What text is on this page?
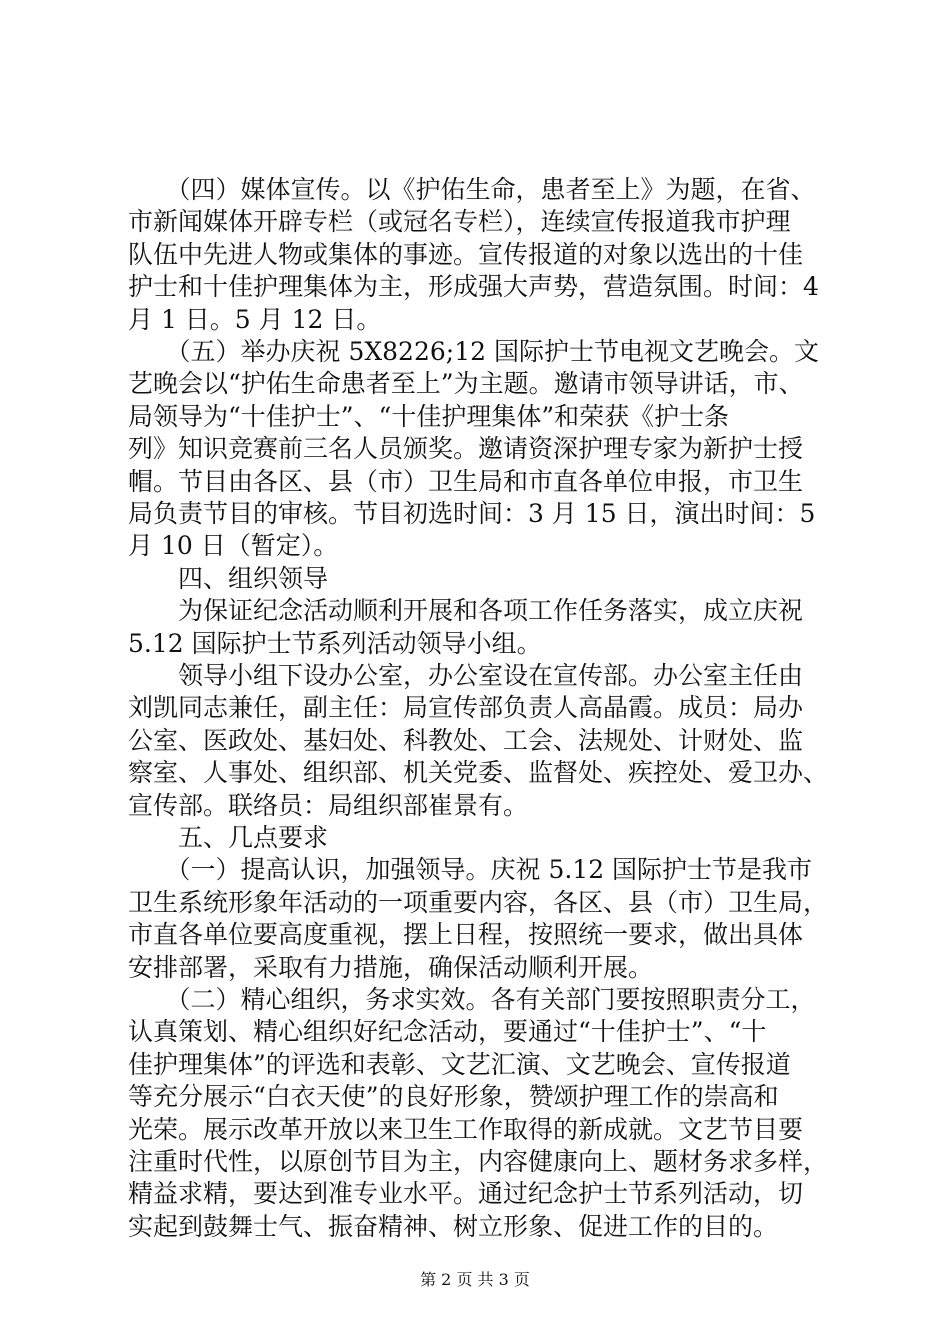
　　（四）媒体宣传。以《护佑生命，患者至上》为题，在省、
市新闻媒体开辟专栏（或冠名专栏），连续宣传报道我市护理
队伍中先进人物或集体的事迹。宣传报道的对象以选出的十佳
护士和十佳护理集体为主，形成强大声势，营造氛围。时间：4
月 1 日。5 月 12 日。
　　（五）举办庆祝 5X8226;12 国际护士节电视文艺晚会。文
艺晚会以“护佑生命患者至上”为主题。邀请市领导讲话，市、
局领导为“十佳护士”、“十佳护理集体”和荣获《护士条
列》知识竞赛前三名人员颁奖。邀请资深护理专家为新护士授
帽。节目由各区、县（市）卫生局和市直各单位申报，市卫生
局负责节目的审核。节目初选时间：3 月 15 日，演出时间：5
月 10 日（暂定）。
　　四、组织领导
　　为保证纪念活动顺利开展和各项工作任务落实，成立庆祝
5.12 国际护士节系列活动领导小组。
　　领导小组下设办公室，办公室设在宣传部。办公室主任由
刘凯同志兼任，副主任：局宣传部负责人高晶霞。成员：局办
公室、医政处、基妇处、科教处、工会、法规处、计财处、监
察室、人事处、组织部、机关党委、监督处、疾控处、爱卫办、
宣传部。联络员：局组织部崔景有。
　　五、几点要求
　　（一）提高认识，加强领导。庆祝 5.12 国际护士节是我市
卫生系统形象年活动的一项重要内容，各区、县（市）卫生局，
市直各单位要高度重视，摆上日程，按照统一要求，做出具体
安排部署，采取有力措施，确保活动顺利开展。
　　（二）精心组织，务求实效。各有关部门要按照职责分工，
认真策划、精心组织好纪念活动，要通过“十佳护士”、“十
佳护理集体”的评选和表彰、文艺汇演、文艺晚会、宣传报道
等充分展示“白衣天使”的良好形象，赞颂护理工作的崇高和
光荣。展示改革开放以来卫生工作取得的新成就。文艺节目要
注重时代性，以原创节目为主，内容健康向上、题材务求多样，
精益求精，要达到准专业水平。通过纪念护士节系列活动，切
实起到鼓舞士气、振奋精神、树立形象、促进工作的目的。
第 2 页 共 3 页
